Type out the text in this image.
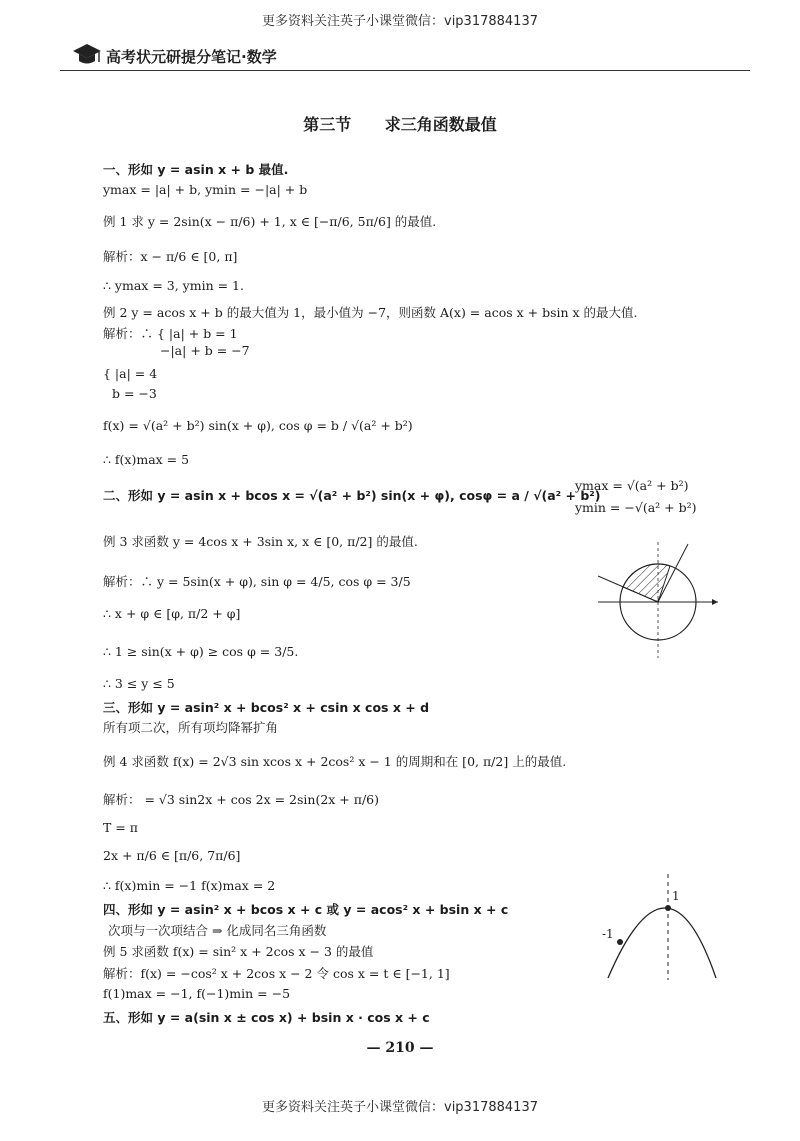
更多资料关注英子小课堂微信：vip317884137
高考状元研提分笔记·数学
第三节 求三角函数最值
一、形如 y = asin x + b 最值.
ymax = |a| + b, ymin = −|a| + b
例 1 求 y = 2sin(x − π/6) + 1, x ∈ [−π/6, 5π/6] 的最值.
解析：x − π/6 ∈ [0, π]
∴ ymax = 3, ymin = 1.
例 2 y = acos x + b 的最大值为 1，最小值为 −7，则函数 A(x) = acos x + bsin x 的最大值.
解析：∴ { |a| + b = 1
−|a| + b = −7
{ |a| = 4
b = −3
f(x) = √(a² + b²) sin(x + φ), cos φ = b / √(a² + b²)
∴ f(x)max = 5
二、形如 y = asin x + bcos x = √(a² + b²) sin(x + φ), cosφ = a / √(a² + b²)
ymax = √(a² + b²)
ymin = −√(a² + b²)
例 3 求函数 y = 4cos x + 3sin x, x ∈ [0, π/2] 的最值.
解析：∴ y = 5sin(x + φ), sin φ = 4/5, cos φ = 3/5
∴ x + φ ∈ [φ, π/2 + φ]
∴ 1 ≥ sin(x + φ) ≥ cos φ = 3/5.
∴ 3 ≤ y ≤ 5
三、形如 y = asin² x + bcos² x + csin x cos x + d
所有项二次，所有项均降幂扩角
例 4 求函数 f(x) = 2√3 sin xcos x + 2cos² x − 1 的周期和在 [0, π/2] 上的最值.
解析： = √3 sin2x + cos 2x = 2sin(2x + π/6)
T = π
2x + π/6 ∈ [π/6, 7π/6]
∴ f(x)min = −1 f(x)max = 2
四、形如 y = asin² x + bcos x + c 或 y = acos² x + bsin x + c
次项与一次项结合 ⇒ 化成同名三角函数
例 5 求函数 f(x) = sin² x + 2cos x − 3 的最值
解析：f(x) = −cos² x + 2cos x − 2 令 cos x = t ∈ [−1, 1]
f(1)max = −1, f(−1)min = −5
五、形如 y = a(sin x ± cos x) + bsin x · cos x + c
1
-1
— 210 —
更多资料关注英子小课堂微信：vip317884137
